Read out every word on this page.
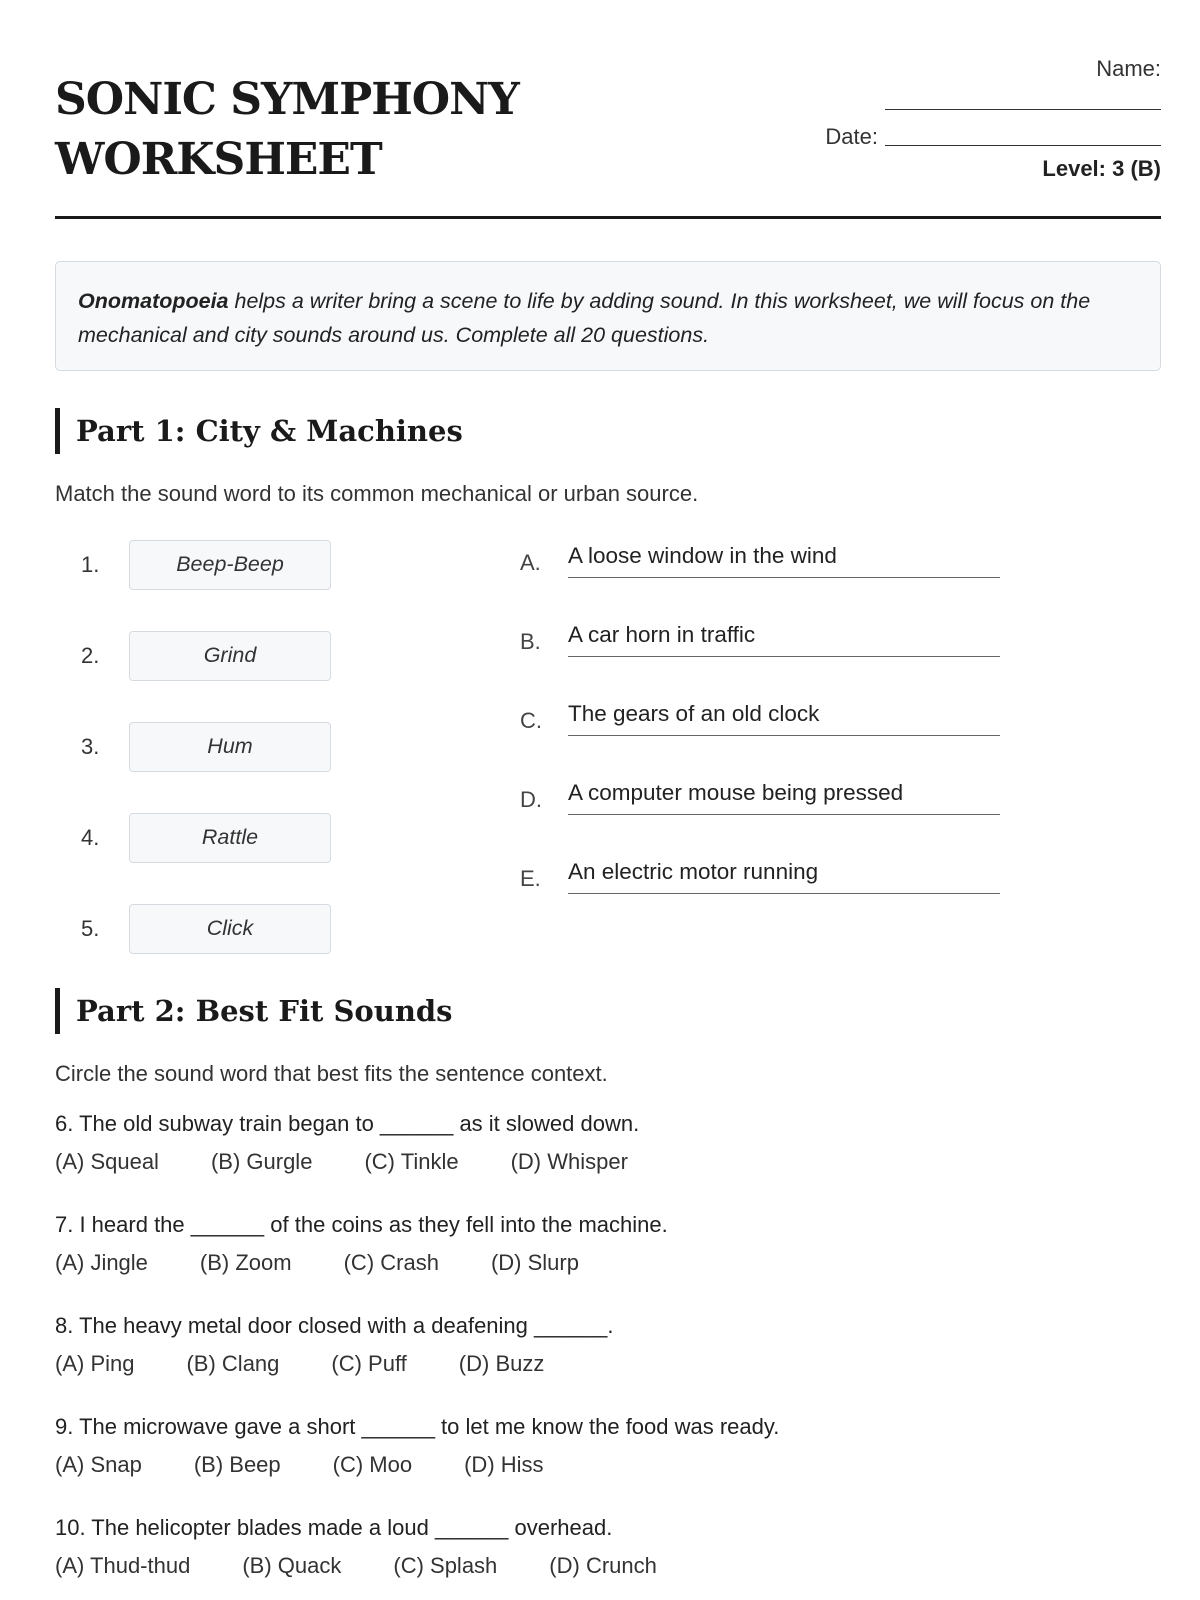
SONIC SYMPHONY
WORKSHEET
Name:
Date:
Level: 3 (B)
Onomatopoeia helps a writer bring a scene to life by adding sound. In this worksheet, we will focus on the mechanical and city sounds around us. Complete all 20 questions.
Part 1: City & Machines
Match the sound word to its common mechanical or urban source.
1.	Beep-Beep
2.	Grind
3.	Hum
4.	Rattle
5.	Click
A. A loose window in the wind
B. A car horn in traffic
C. The gears of an old clock
D. A computer mouse being pressed
E. An electric motor running
Part 2: Best Fit Sounds
Circle the sound word that best fits the sentence context.
6. The old subway train began to ______ as it slowed down.
(A) Squeal (B) Gurgle (C) Tinkle (D) Whisper
7. I heard the ______ of the coins as they fell into the machine.
(A) Jingle (B) Zoom (C) Crash (D) Slurp
8. The heavy metal door closed with a deafening ______.
(A) Ping (B) Clang (C) Puff (D) Buzz
9. The microwave gave a short ______ to let me know the food was ready.
(A) Snap (B) Beep (C) Moo (D) Hiss
10. The helicopter blades made a loud ______ overhead.
(A) Thud-thud (B) Quack (C) Splash (D) Crunch
